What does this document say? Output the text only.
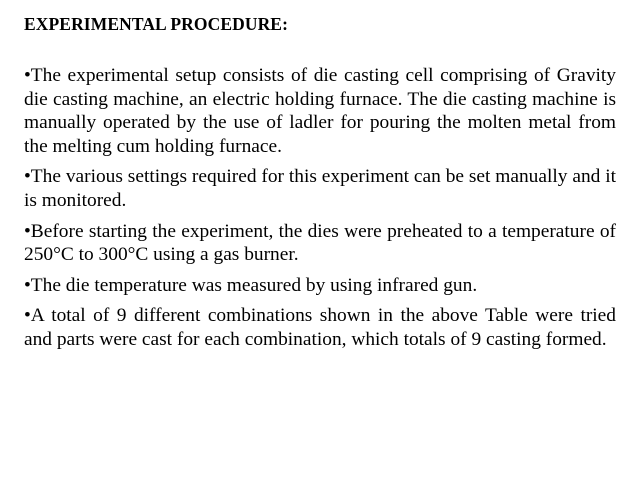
EXPERIMENTAL PROCEDURE:
• The experimental setup consists of die casting cell comprising of Gravity die casting machine, an electric holding furnace. The die casting machine is manually operated by the use of ladler for pouring the molten metal from the melting cum holding furnace.
• The various settings required for this experiment can be set manually and it is monitored.
• Before starting the experiment, the dies were preheated to a temperature of 250°C to 300°C using a gas burner.
• The die temperature was measured by using infrared gun.
• A total of 9 different combinations shown in the above Table were tried and parts were cast for each combination, which totals of 9 casting formed.
